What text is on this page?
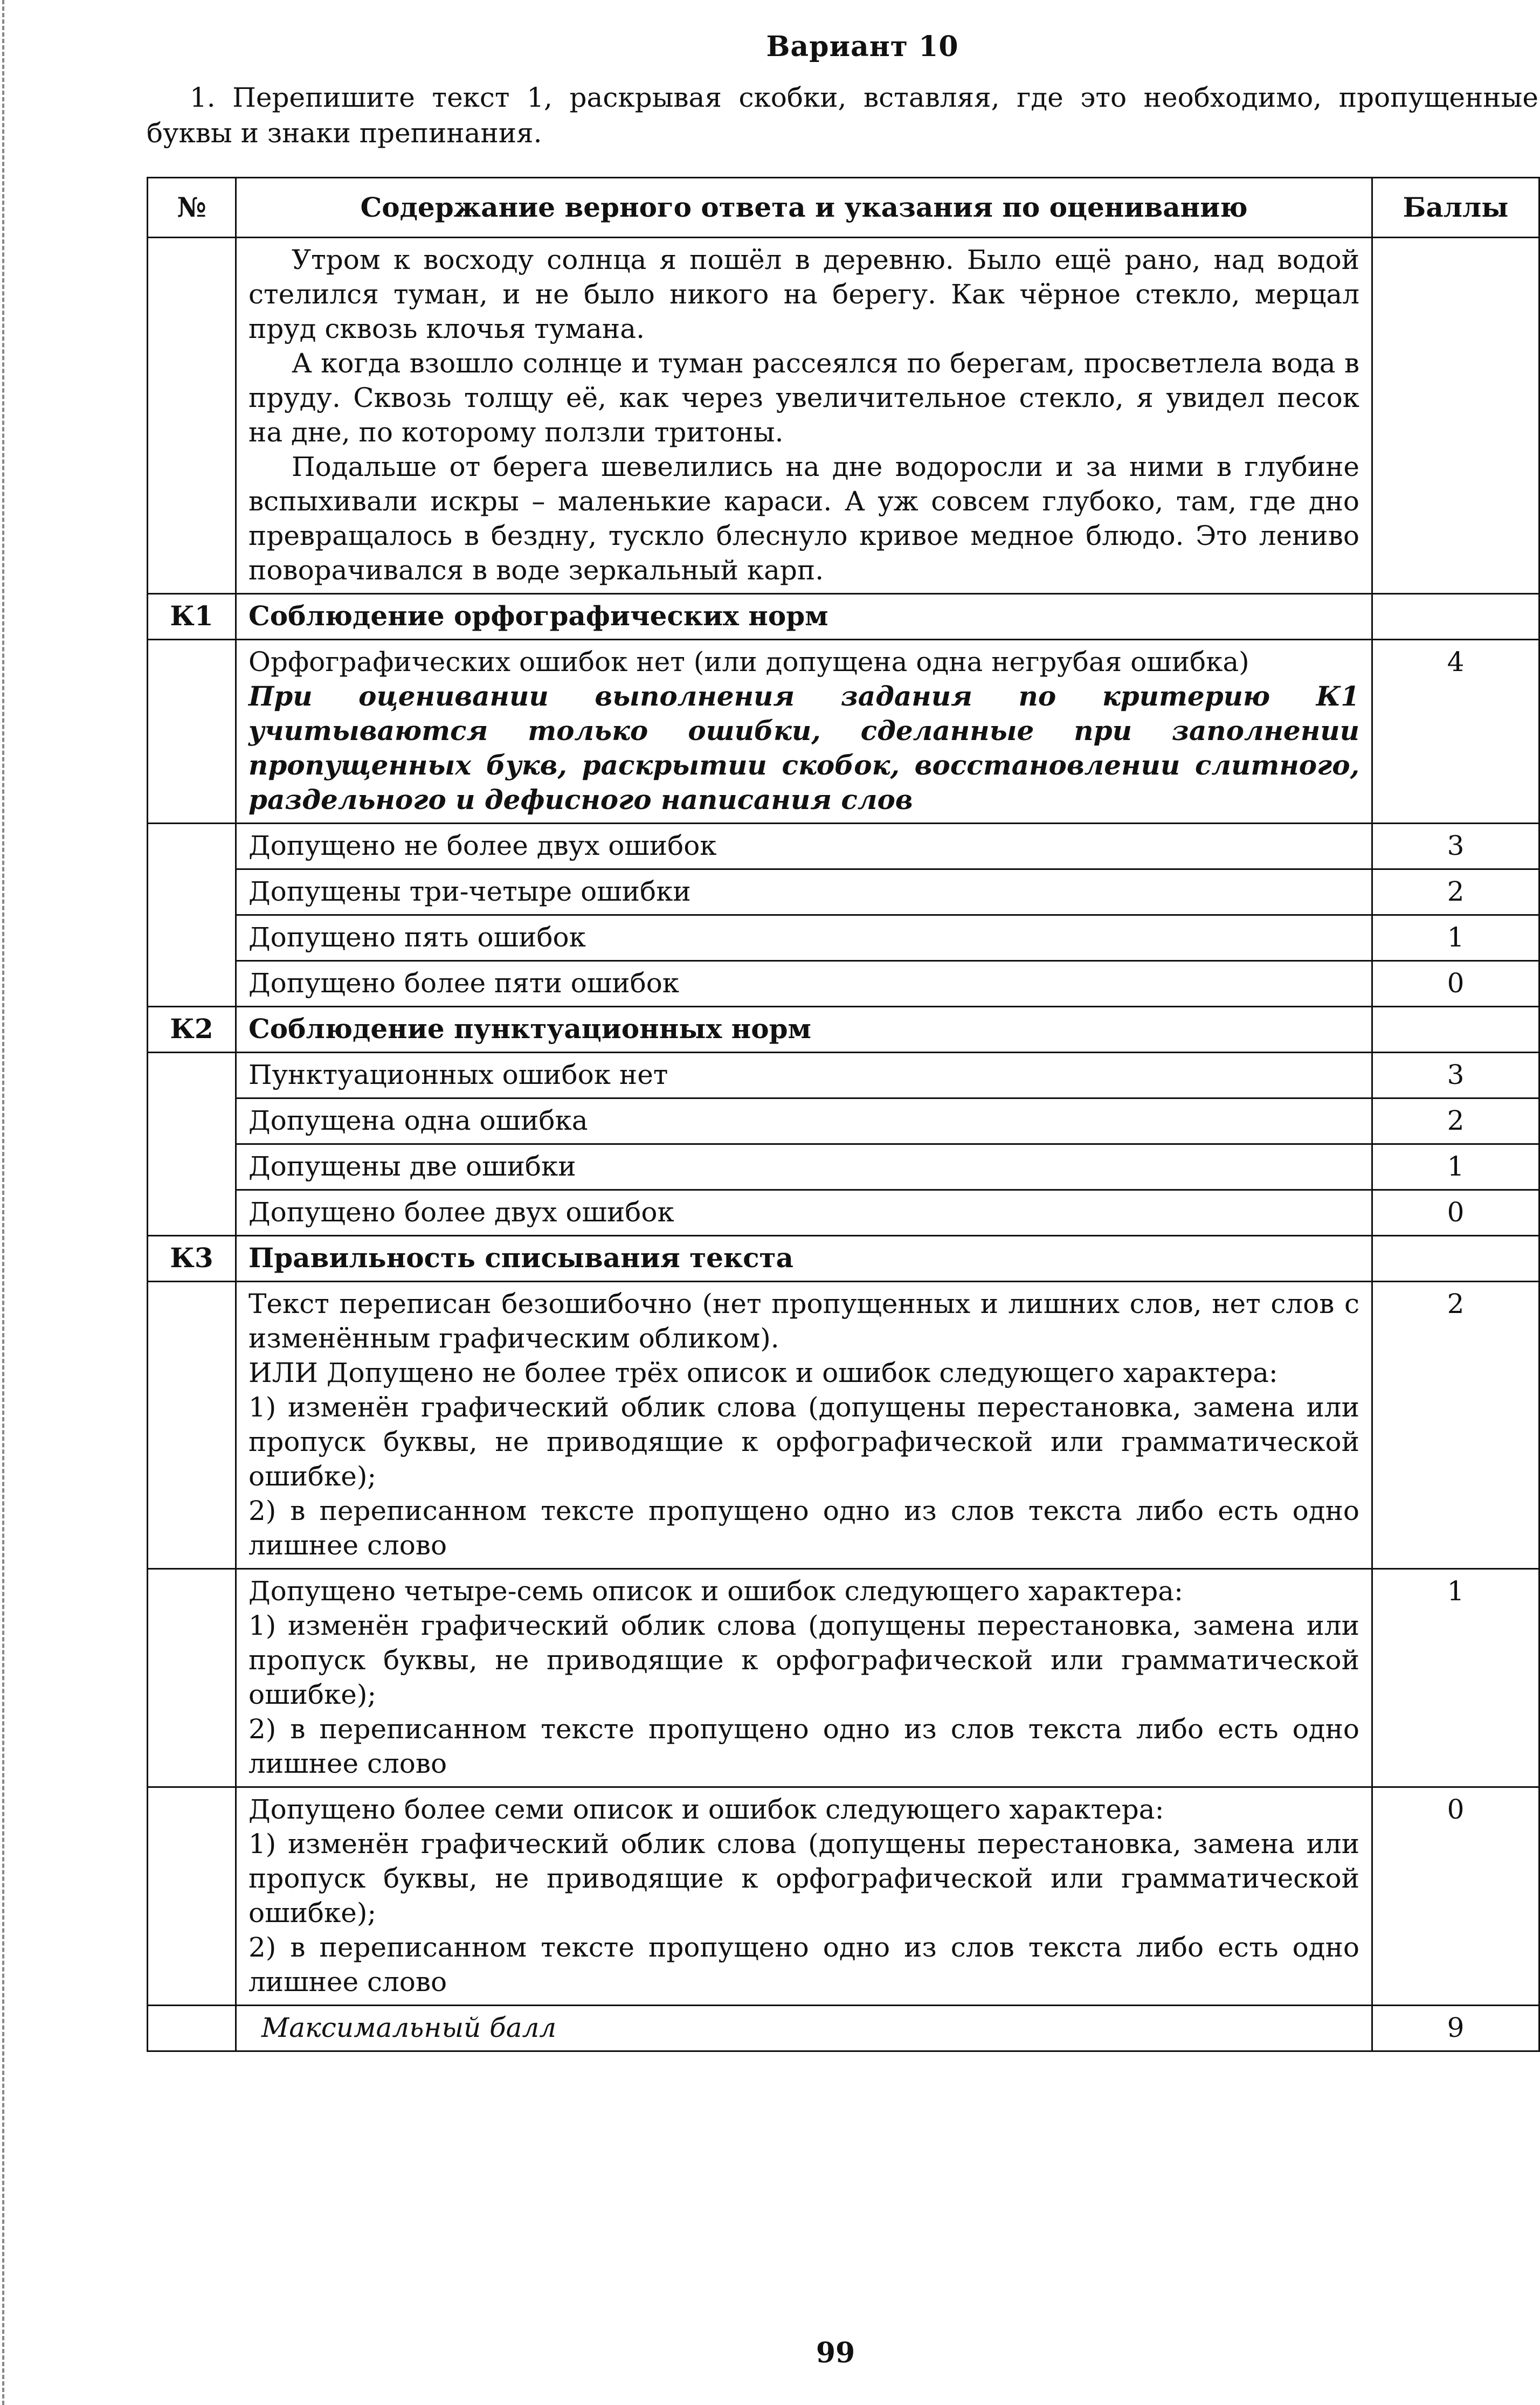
Вариант 10
1. Перепишите текст 1, раскрывая скобки, вставляя, где это необходимо, пропущенные буквы и знаки препинания.
№	Содержание верного ответа и указания по оцениванию	Баллы

	Утром к восходу солнца я пошёл в деревню. Было ещё рано, над водой стелился туман, и не было никого на берегу. Как чёрное стекло, мерцал пруд сквозь клочья тумана.
А когда взошло солнце и туман рассеялся по берегам, просветлела вода в пруду. Сквозь толщу её, как через увеличительное стекло, я увидел песок на дне, по которому ползли тритоны.
Подальше от берега шевелились на дне водоросли и за ними в глубине вспыхивали искры – маленькие караси. А уж совсем глубоко, там, где дно превращалось в бездну, тускло блеснуло кривое медное блюдо. Это лениво поворачивался в воде зеркальный карп.	

К1	Соблюдение орфографических норм	

	Орфографических ошибок нет (или допущена одна негрубая ошибка)
При оценивании выполнения задания по критерию К1 учитываются только ошибки, сделанные при заполнении пропущенных букв, раскрытии скобок, восстановлении слитного, раздельного и дефисного написания слов	4
	Допущено не более двух ошибок	3
	Допущены три-четыре ошибки	2
	Допущено пять ошибок	1
	Допущено более пяти ошибок	0
К2	Соблюдение пунктуационных норм	
	Пунктуационных ошибок нет	3
	Допущена одна ошибка	2
	Допущены две ошибки	1
	Допущено более двух ошибок	0
К3	Правильность списывания текста	

	Текст переписан безошибочно (нет пропущенных и лишних слов, нет слов с изменённым графическим обликом).
ИЛИ Допущено не более трёх описок и ошибок следующего характера:
1) изменён графический облик слова (допущены перестановка, замена или пропуск буквы, не приводящие к орфографической или грамматической ошибке);
2) в переписанном тексте пропущено одно из слов текста либо есть одно лишнее слово	2

	Допущено четыре-семь описок и ошибок следующего характера:
1) изменён графический облик слова (допущены перестановка, замена или пропуск буквы, не приводящие к орфографической или грамматической ошибке);
2) в переписанном тексте пропущено одно из слов текста либо есть одно лишнее слово	1

	Допущено более семи описок и ошибок следующего характера:
1) изменён графический облик слова (допущены перестановка, замена или пропуск буквы, не приводящие к орфографической или грамматической ошибке);
2) в переписанном тексте пропущено одно из слов текста либо есть одно лишнее слово	0
	Максимальный балл	9
99
